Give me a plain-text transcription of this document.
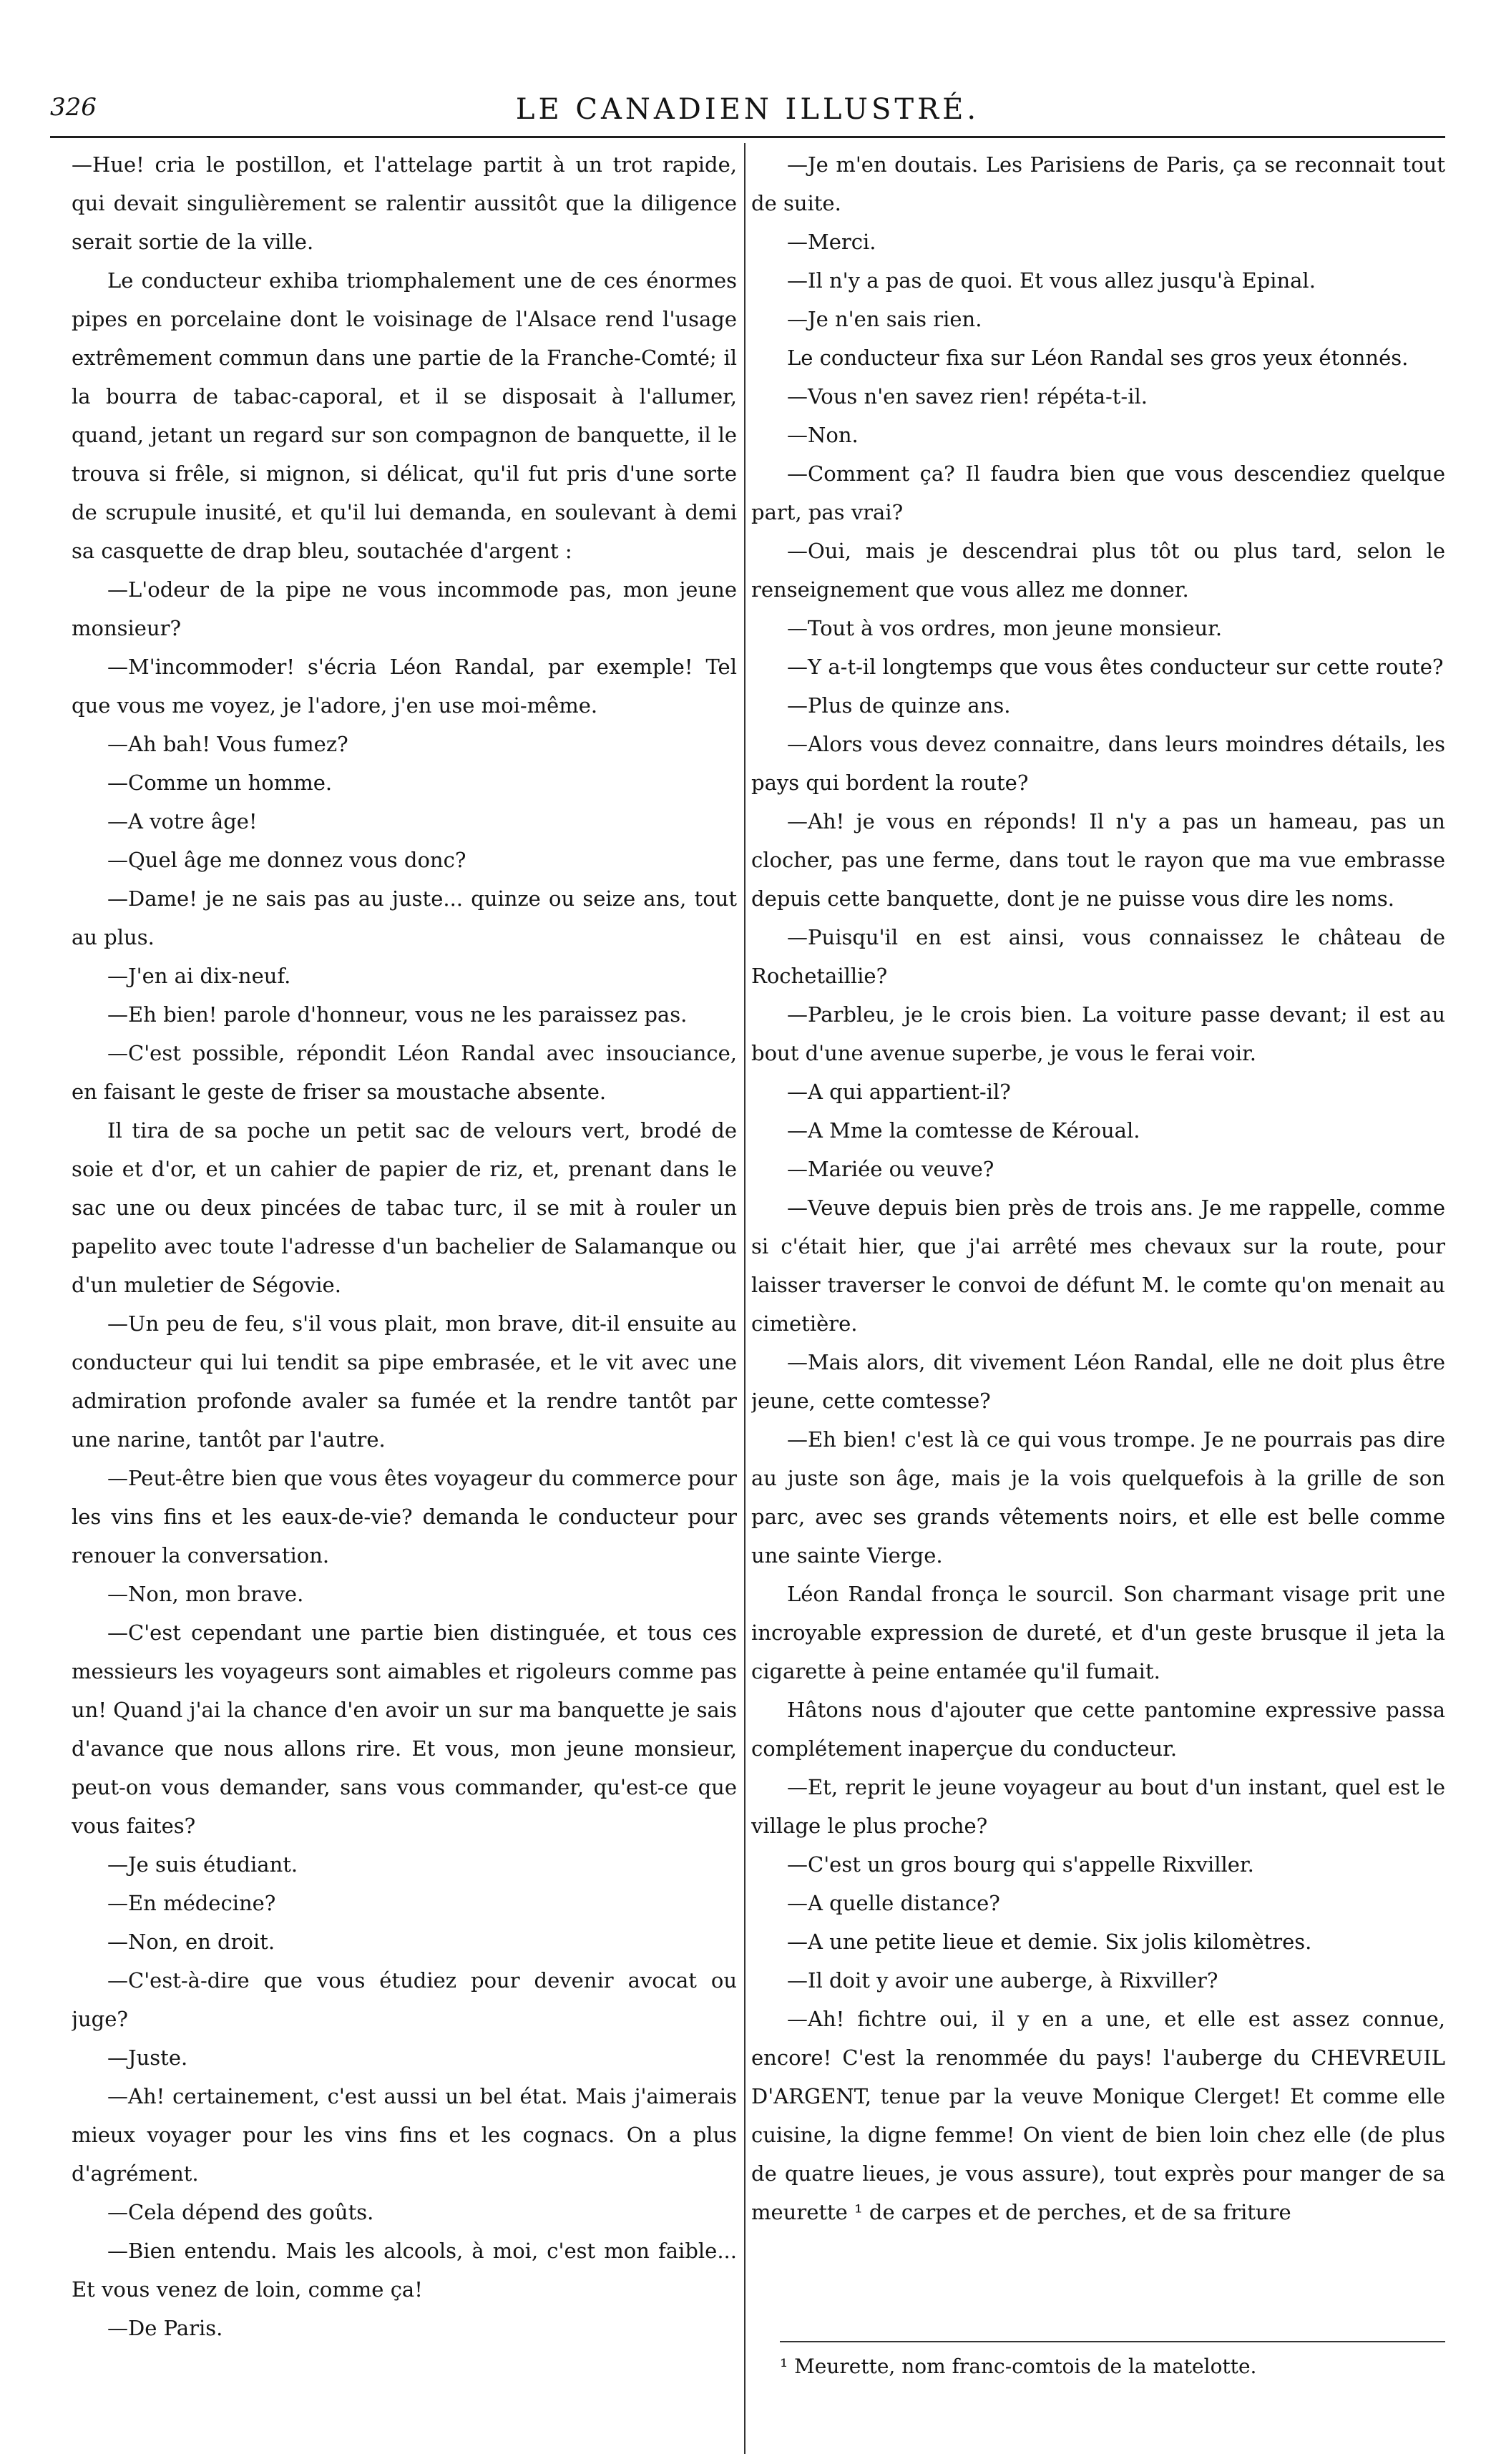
326	LE CANADIEN ILLUSTRÉ.

—Hue! cria le postillon, et l'attelage partit à un trot rapide, qui devait singulièrement se ralentir aussitôt que la diligence serait sortie de la ville.

Le conducteur exhiba triomphalement une de ces énormes pipes en porcelaine dont le voisinage de l'Alsace rend l'usage extrêmement commun dans une partie de la Franche-Comté; il la bourra de tabac-caporal, et il se disposait à l'allumer, quand, jetant un regard sur son compagnon de banquette, il le trouva si frêle, si mignon, si délicat, qu'il fut pris d'une sorte de scrupule inusité, et qu'il lui demanda, en soulevant à demi sa casquette de drap bleu, soutachée d'argent :

—L'odeur de la pipe ne vous incommode pas, mon jeune monsieur?

—M'incommoder! s'écria Léon Randal, par exemple! Tel que vous me voyez, je l'adore, j'en use moi-même.

—Ah bah! Vous fumez?

—Comme un homme.

—A votre âge!

—Quel âge me donnez vous donc?

—Dame! je ne sais pas au juste... quinze ou seize ans, tout au plus.

—J'en ai dix-neuf.

—Eh bien! parole d'honneur, vous ne les paraissez pas.

—C'est possible, répondit Léon Randal avec insouciance, en faisant le geste de friser sa moustache absente.

Il tira de sa poche un petit sac de velours vert, brodé de soie et d'or, et un cahier de papier de riz, et, prenant dans le sac une ou deux pincées de tabac turc, il se mit à rouler un papelito avec toute l'adresse d'un bachelier de Salamanque ou d'un muletier de Ségovie.

—Un peu de feu, s'il vous plait, mon brave, dit-il ensuite au conducteur qui lui tendit sa pipe embrasée, et le vit avec une admiration profonde avaler sa fumée et la rendre tantôt par une narine, tantôt par l'autre.

—Peut-être bien que vous êtes voyageur du commerce pour les vins fins et les eaux-de-vie? demanda le conducteur pour renouer la conversation.

—Non, mon brave.

—C'est cependant une partie bien distinguée, et tous ces messieurs les voyageurs sont aimables et rigoleurs comme pas un! Quand j'ai la chance d'en avoir un sur ma banquette je sais d'avance que nous allons rire. Et vous, mon jeune monsieur, peut-on vous demander, sans vous commander, qu'est-ce que vous faites?

—Je suis étudiant.

—En médecine?

—Non, en droit.

—C'est-à-dire que vous étudiez pour devenir avocat ou juge?

—Juste.

—Ah! certainement, c'est aussi un bel état. Mais j'aimerais mieux voyager pour les vins fins et les cognacs. On a plus d'agrément.

—Cela dépend des goûts.

—Bien entendu. Mais les alcools, à moi, c'est mon faible... Et vous venez de loin, comme ça!

—De Paris.

—Je m'en doutais. Les Parisiens de Paris, ça se reconnait tout de suite.

—Merci.

—Il n'y a pas de quoi. Et vous allez jusqu'à Epinal.

—Je n'en sais rien.

Le conducteur fixa sur Léon Randal ses gros yeux étonnés.

—Vous n'en savez rien! répéta-t-il.

—Non.

—Comment ça? Il faudra bien que vous descendiez quelque part, pas vrai?

—Oui, mais je descendrai plus tôt ou plus tard, selon le renseignement que vous allez me donner.

—Tout à vos ordres, mon jeune monsieur.

—Y a-t-il longtemps que vous êtes conducteur sur cette route?

—Plus de quinze ans.

—Alors vous devez connaitre, dans leurs moindres détails, les pays qui bordent la route?

—Ah! je vous en réponds! Il n'y a pas un hameau, pas un clocher, pas une ferme, dans tout le rayon que ma vue embrasse depuis cette banquette, dont je ne puisse vous dire les noms.

—Puisqu'il en est ainsi, vous connaissez le château de Rochetaillie?

—Parbleu, je le crois bien. La voiture passe devant; il est au bout d'une avenue superbe, je vous le ferai voir.

—A qui appartient-il?

—A Mme la comtesse de Kéroual.

—Mariée ou veuve?

—Veuve depuis bien près de trois ans. Je me rappelle, comme si c'était hier, que j'ai arrêté mes chevaux sur la route, pour laisser traverser le convoi de défunt M. le comte qu'on menait au cimetière.

—Mais alors, dit vivement Léon Randal, elle ne doit plus être jeune, cette comtesse?

—Eh bien! c'est là ce qui vous trompe. Je ne pourrais pas dire au juste son âge, mais je la vois quelquefois à la grille de son parc, avec ses grands vêtements noirs, et elle est belle comme une sainte Vierge.

Léon Randal fronça le sourcil. Son charmant visage prit une incroyable expression de dureté, et d'un geste brusque il jeta la cigarette à peine entamée qu'il fumait.

Hâtons nous d'ajouter que cette pantomine expressive passa complétement inaperçue du conducteur.

—Et, reprit le jeune voyageur au bout d'un instant, quel est le village le plus proche?

—C'est un gros bourg qui s'appelle Rixviller.

—A quelle distance?

—A une petite lieue et demie. Six jolis kilomètres.

—Il doit y avoir une auberge, à Rixviller?

—Ah! fichtre oui, il y en a une, et elle est assez connue, encore! C'est la renommée du pays! l'auberge du CHEVREUIL D'ARGENT, tenue par la veuve Monique Clerget! Et comme elle cuisine, la digne femme! On vient de bien loin chez elle (de plus de quatre lieues, je vous assure), tout exprès pour manger de sa meurette ¹ de carpes et de perches, et de sa friture

¹ Meurette, nom franc-comtois de la matelotte.
